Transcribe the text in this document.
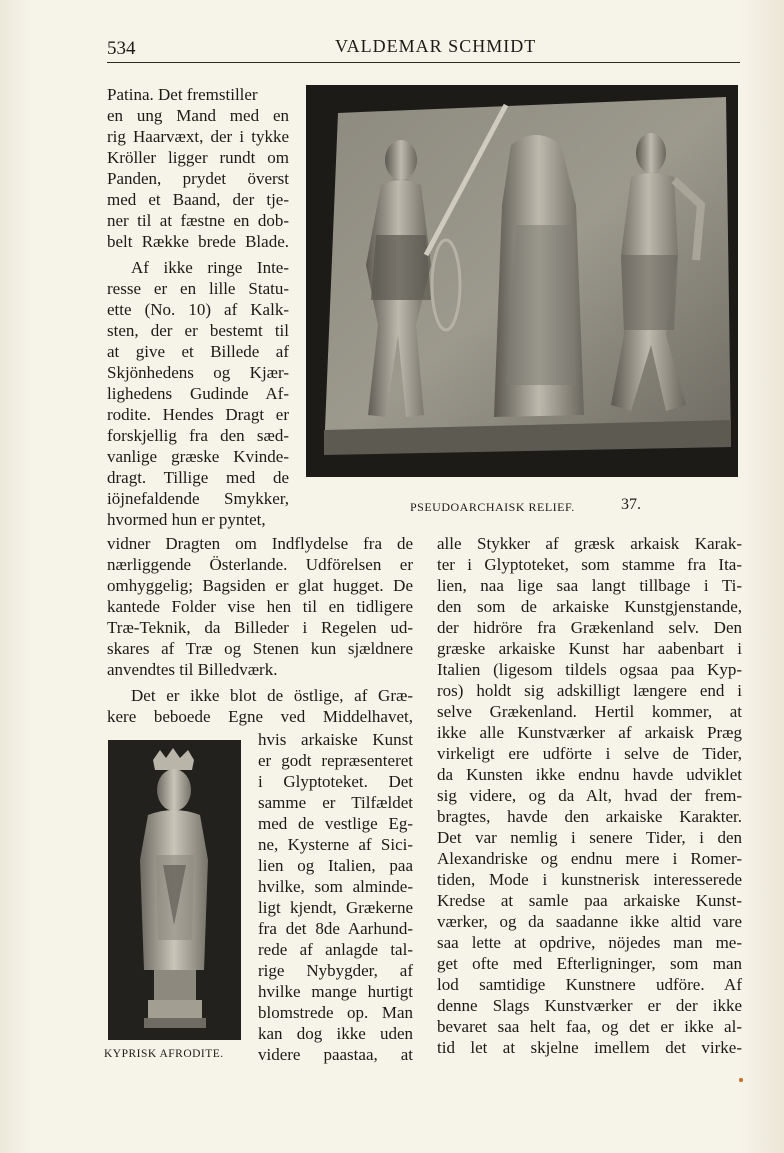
534	VALDEMAR SCHMIDT
PSEUDOARCHAISK RELIEF.	37.
KYPRISK AFRODITE.
Patina. Det fremstiller
en ung Mand med en
rig Haarvæxt, der i tykke
Kröller ligger rundt om
Panden, prydet överst
med et Baand, der tje-
ner til at fæstne en dob-
belt Række brede Blade.
Af ikke ringe Inte-
resse er en lille Statu-
ette (No. 10) af Kalk-
sten, der er bestemt til
at give et Billede af
Skjönhedens og Kjær-
lighedens Gudinde Af-
rodite. Hendes Dragt er
forskjellig fra den sæd-
vanlige græske Kvinde-
dragt. Tillige med de
iöjnefaldende Smykker,
hvormed hun er pyntet,
vidner Dragten om Indflydelse fra de
nærliggende Österlande. Udförelsen er
omhyggelig; Bagsiden er glat hugget. De
kantede Folder vise hen til en tidligere
Træ-Teknik, da Billeder i Regelen ud-
skares af Træ og Stenen kun sjældnere
anvendtes til Billedværk.
Det er ikke blot de östlige, af Græ-
kere beboede Egne ved Middelhavet,
hvis arkaiske Kunst
er godt repræsenteret
i Glyptoteket. Det
samme er Tilfældet
med de vestlige Eg-
ne, Kysterne af Sici-
lien og Italien, paa
hvilke, som alminde-
ligt kjendt, Grækerne
fra det 8de Aarhund-
rede af anlagde tal-
rige Nybygder, af
hvilke mange hurtigt
blomstrede op. Man
kan dog ikke uden
videre paastaa, at
alle Stykker af græsk arkaisk Karak-
ter i Glyptoteket, som stamme fra Ita-
lien, naa lige saa langt tillbage i Ti-
den som de arkaiske Kunstgjenstande,
der hidröre fra Grækenland selv. Den
græske arkaiske Kunst har aabenbart i
Italien (ligesom tildels ogsaa paa Kyp-
ros) holdt sig adskilligt længere end i
selve Grækenland. Hertil kommer, at
ikke alle Kunstværker af arkaisk Præg
virkeligt ere udförte i selve de Tider,
da Kunsten ikke endnu havde udviklet
sig videre, og da Alt, hvad der frem-
bragtes, havde den arkaiske Karakter.
Det var nemlig i senere Tider, i den
Alexandriske og endnu mere i Romer-
tiden, Mode i kunstnerisk interesserede
Kredse at samle paa arkaiske Kunst-
værker, og da saadanne ikke altid vare
saa lette at opdrive, nöjedes man me-
get ofte med Efterligninger, som man
lod samtidige Kunstnere udföre. Af
denne Slags Kunstværker er der ikke
bevaret saa helt faa, og det er ikke al-
tid let at skjelne imellem det virke-
